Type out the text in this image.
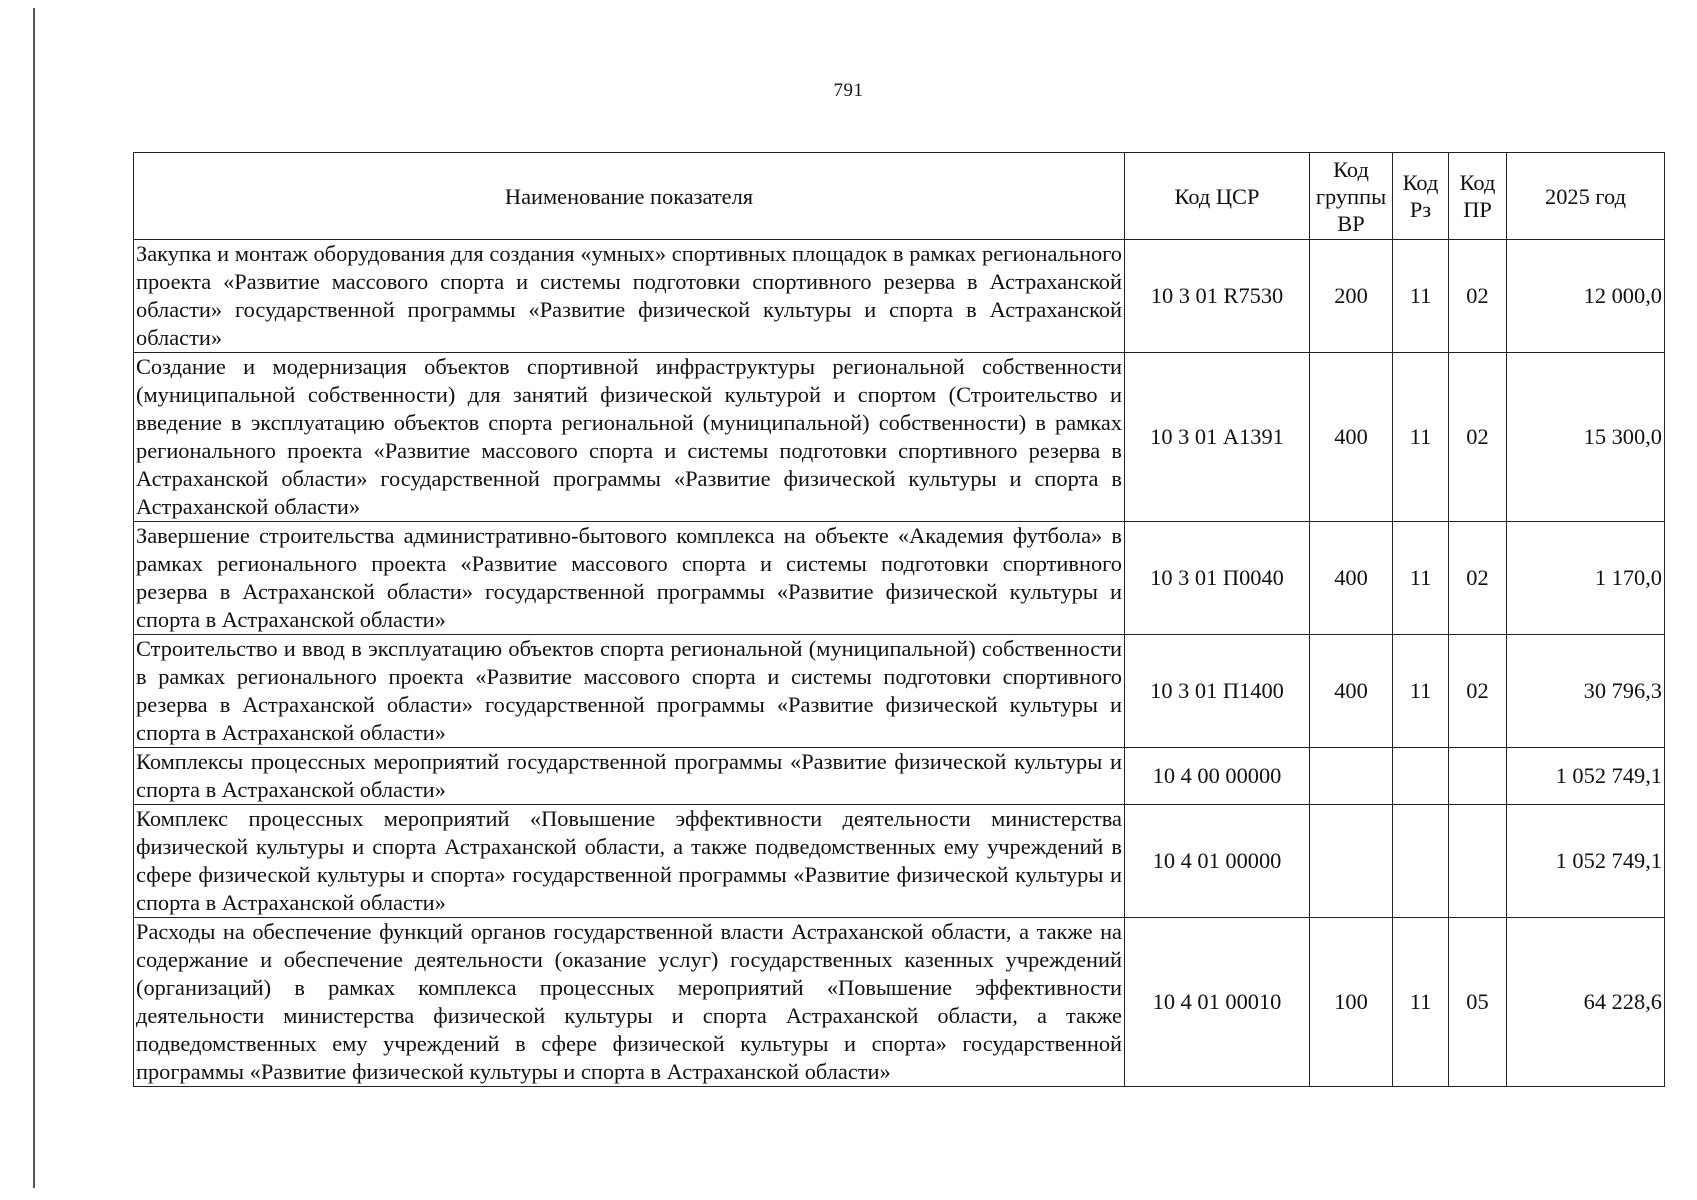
791
Наименование показателя	Код ЦСР	Код группы ВР	Код Рз	Код ПР	2025 год
Закупка и монтаж оборудования для создания «умных» спортивных площадок в рамках регионального проекта «Развитие массового спорта и системы подготовки спортивного резерва в Астраханской области» государственной программы «Развитие физической культуры и спорта в Астраханской области»	10 3 01 R7530	200	11	02	12 000,0
Создание и модернизация объектов спортивной инфраструктуры региональной собственности (муниципальной собственности) для занятий физической культурой и спортом (Строительство и введение в эксплуатацию объектов спорта региональной (муниципальной) собственности) в рамках регионального проекта «Развитие массового спорта и системы подготовки спортивного резерва в Астраханской области» государственной программы «Развитие физической культуры и спорта в Астраханской области»	10 3 01 А1391	400	11	02	15 300,0
Завершение строительства административно-бытового комплекса на объекте «Академия футбола» в рамках регионального проекта «Развитие массового спорта и системы подготовки спортивного резерва в Астраханской области» государственной программы «Развитие физической культуры и спорта в Астраханской области»	10 3 01 П0040	400	11	02	1 170,0
Строительство и ввод в эксплуатацию объектов спорта региональной (муниципальной) собственности в рамках регионального проекта «Развитие массового спорта и системы подготовки спортивного резерва в Астраханской области» государственной программы «Развитие физической культуры и спорта в Астраханской области»	10 3 01 П1400	400	11	02	30 796,3
Комплексы процессных мероприятий государственной программы «Развитие физической культуры и спорта в Астраханской области»	10 4 00 00000				1 052 749,1
Комплекс процессных мероприятий «Повышение эффективности деятельности министерства физической культуры и спорта Астраханской области, а также подведомственных ему учреждений в сфере физической культуры и спорта» государственной программы «Развитие физической культуры и спорта в Астраханской области»	10 4 01 00000				1 052 749,1
Расходы на обеспечение функций органов государственной власти Астраханской области, а также на содержание и обеспечение деятельности (оказание услуг) государственных казенных учреждений (организаций) в рамках комплекса процессных мероприятий «Повышение эффективности деятельности министерства физической культуры и спорта Астраханской области, а также подведомственных ему учреждений в сфере физической культуры и спорта» государственной программы «Развитие физической культуры и спорта в Астраханской области»	10 4 01 00010	100	11	05	64 228,6
